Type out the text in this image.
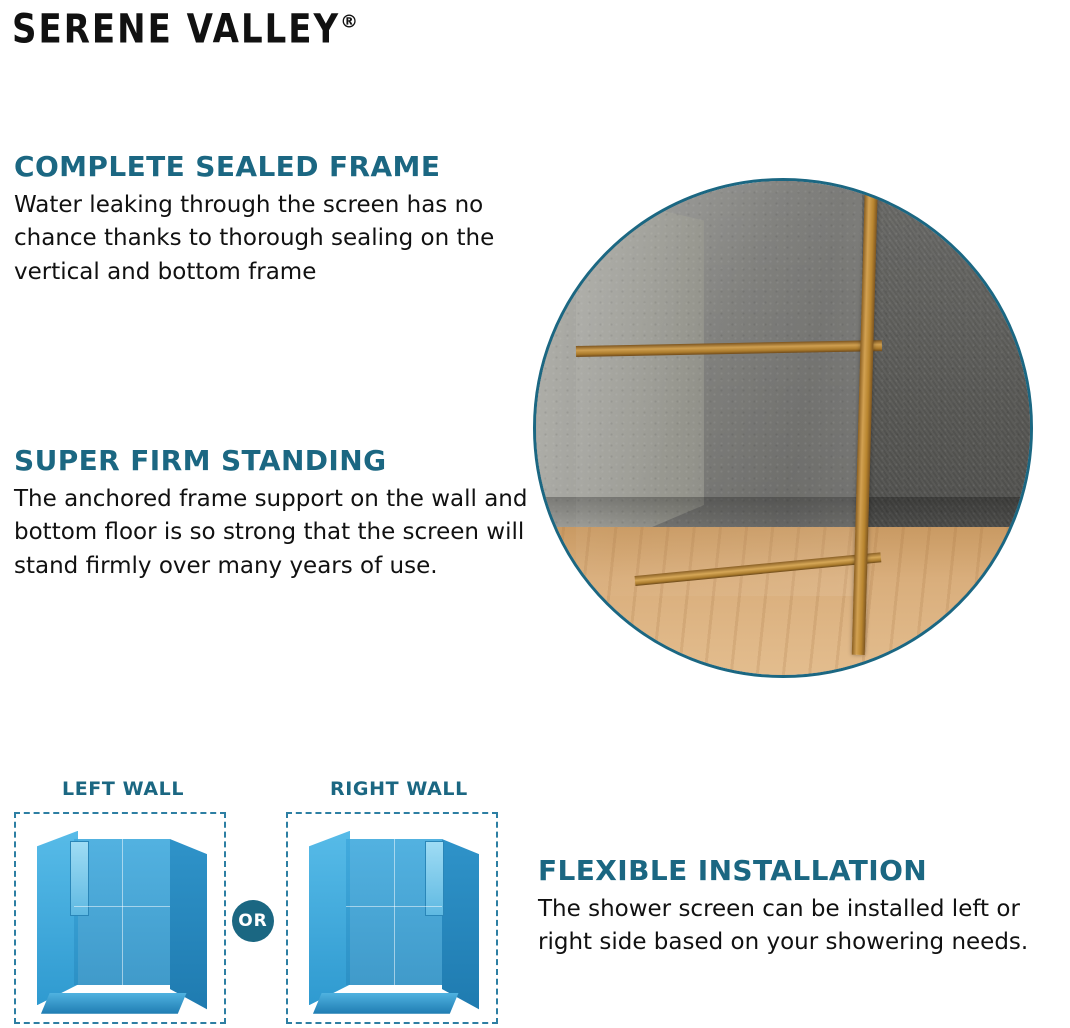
SERENE VALLEY®
COMPLETE SEALED FRAME
Water leaking through the screen has no chance thanks to thorough sealing on the vertical and bottom frame
SUPER FIRM STANDING
The anchored frame support on the wall and bottom floor is so strong that the screen will stand firmly over many years of use.
LEFT WALL	RIGHT WALL
OR
FLEXIBLE INSTALLATION
The shower screen can be installed left or right side based on your showering needs.
